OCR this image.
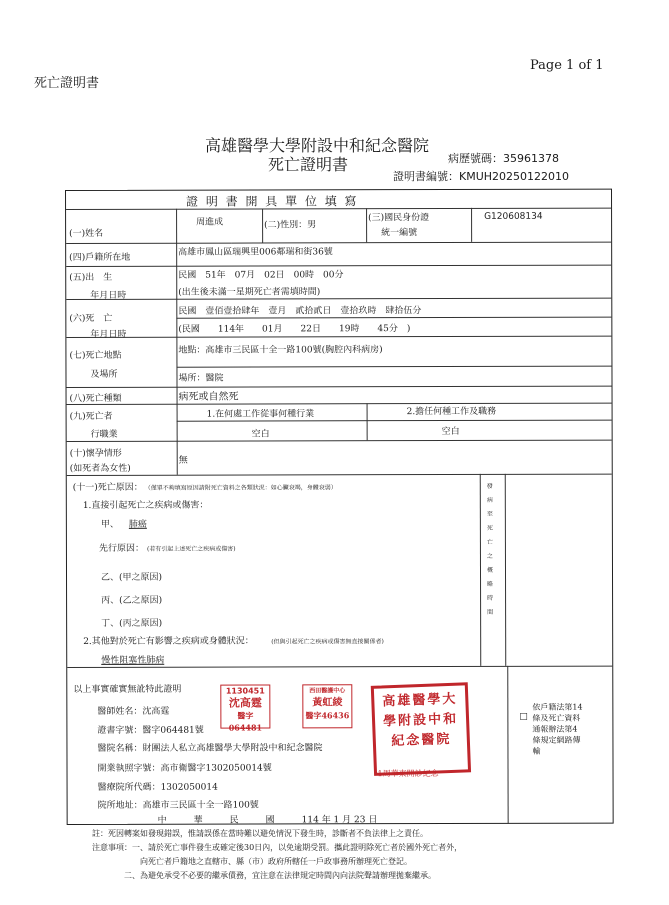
死亡證明書
Page 1 of 1
高雄醫學大學附設中和紀念醫院
死亡證明書	病歷號碼：35961378
證明書編號：KMUH20250122010
證 明 書 開 具 單 位 填 寫
(一)姓名
周進成	(二)性別：男
(三)國民身份證
統一編號
G120608134
(四)戶籍所在地
高雄市鳳山區瑞興里006鄰瑞和街36號
(五)出　生
年月日時
民國　51年　07月　02日　00時　00分
(出生後未滿一星期死亡者需填時間)
(六)死　亡
年月日時
民國　壹佰壹拾肆年　壹月　貳拾貳日　壹拾玖時　肆拾伍分
(民國　　114年　　01月　　22日　　19時　　45分　)
(七)死亡地點
及場所
地點：高雄市三民區十全一路100號(胸腔內科病房)
場所：醫院
(八)死亡種類	病死或自然死
(九)死亡者
行職業
1.在何處工作從事何種行業	2.擔任何種工作及職務
空白	空白
(十)懷孕情形
(如死者為女性)
無
(十一)死亡原因： （僅單不夠填寫原因請附死亡資料之各類狀況：如心臟衰竭，身體衰弱）
1.直接引起死亡之疾病或傷害：
甲、 肺癌
先行原因： (若有引起上述死亡之疾病或傷害)
乙、(甲之原因)
丙、(乙之原因)
丁、(丙之原因)
2.其他對於死亡有影響之疾病或身體狀況：	(但與引起死亡之疾病或傷害無直接關係者)
慢性阻塞性肺病
發病至死亡之概略時間
以上事實確實無訛特此證明
醫師姓名：沈高霆
證書字號：醫字064481號
醫院名稱：財團法人私立高雄醫學大學附設中和紀念醫院
開業執照字號：高市衛醫字1302050014號
醫療院所代碼：1302050014
院所地址：高雄市三民區十全一路100號
中　　　華　　　民　　　國　　　114 年 1 月 23 日
□
依戶籍法第14條及死亡資料通報辦法第4條規定網路傳輸
1130451
沈高霆
醫字064481
西田醫護中心
黃虹綾
醫字46436
高雄醫學大學附設中和紀念醫院
1周華東開診紀念
註：死因轉案如發現錯誤，惟請誤係在當時難以避免情況下發生時，診斷者不負法律上之責任。
注意事項：一、請於死亡事件發生或確定後30日內，以免逾期受罰。攜此證明除死亡者於國外死亡者外，
　　　　　　向死亡者戶籍地之直轄市、縣（市）政府所轄任一戶政事務所辦理死亡登記。
　　　　二、為避免承受不必要的繼承債務，宜注意在法律規定時間內向法院聲請辦理拋棄繼承。
